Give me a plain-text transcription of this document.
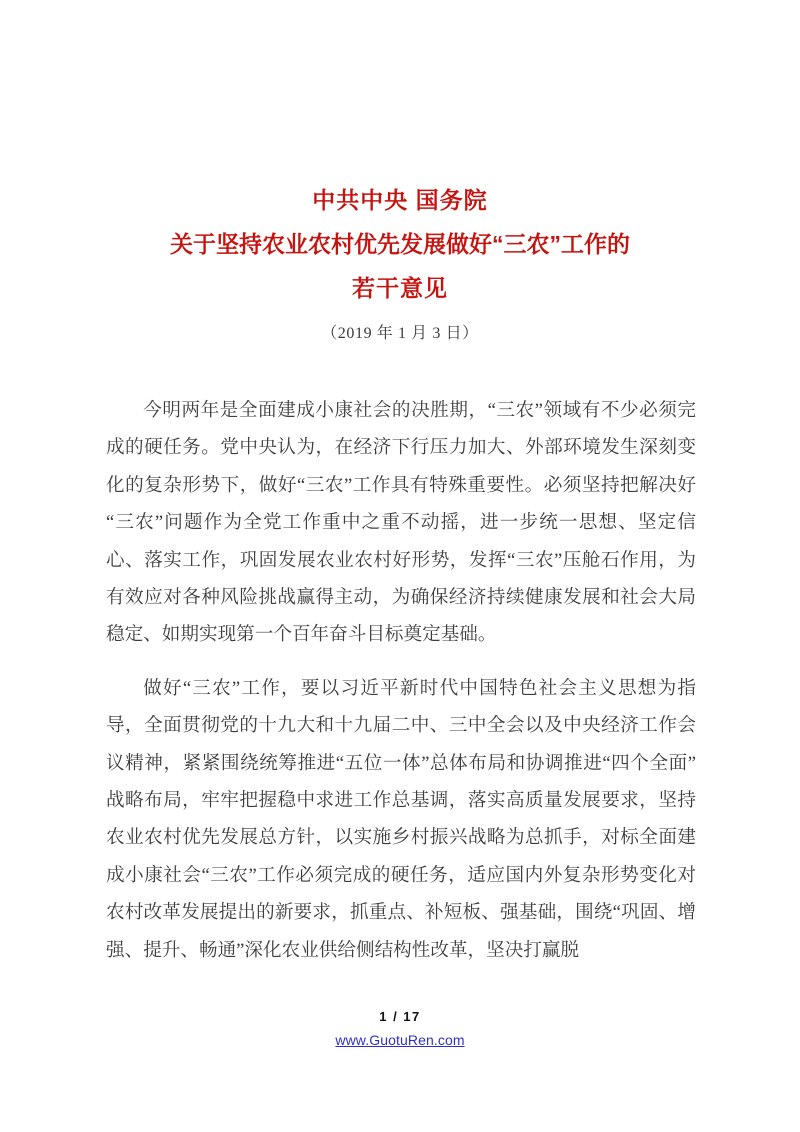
中共中央 国务院
关于坚持农业农村优先发展做好“三农”工作的
若干意见
（2019 年 1 月 3 日）

今明两年是全面建成小康社会的决胜期，“三农”领域有不少必须完成的硬任务。党中央认为，在经济下行压力加大、外部环境发生深刻变化的复杂形势下，做好“三农”工作具有特殊重要性。必须坚持把解决好“三农”问题作为全党工作重中之重不动摇，进一步统一思想、坚定信心、落实工作，巩固发展农业农村好形势，发挥“三农”压舱石作用，为有效应对各种风险挑战赢得主动，为确保经济持续健康发展和社会大局稳定、如期实现第一个百年奋斗目标奠定基础。

做好“三农”工作，要以习近平新时代中国特色社会主义思想为指导，全面贯彻党的十九大和十九届二中、三中全会以及中央经济工作会议精神，紧紧围绕统筹推进“五位一体”总体布局和协调推进“四个全面”战略布局，牢牢把握稳中求进工作总基调，落实高质量发展要求，坚持农业农村优先发展总方针，以实施乡村振兴战略为总抓手，对标全面建成小康社会“三农”工作必须完成的硬任务，适应国内外复杂形势变化对农村改革发展提出的新要求，抓重点、补短板、强基础，围绕“巩固、增强、提升、畅通”深化农业供给侧结构性改革，坚决打赢脱

1 / 17
www.GuotuRen.com
